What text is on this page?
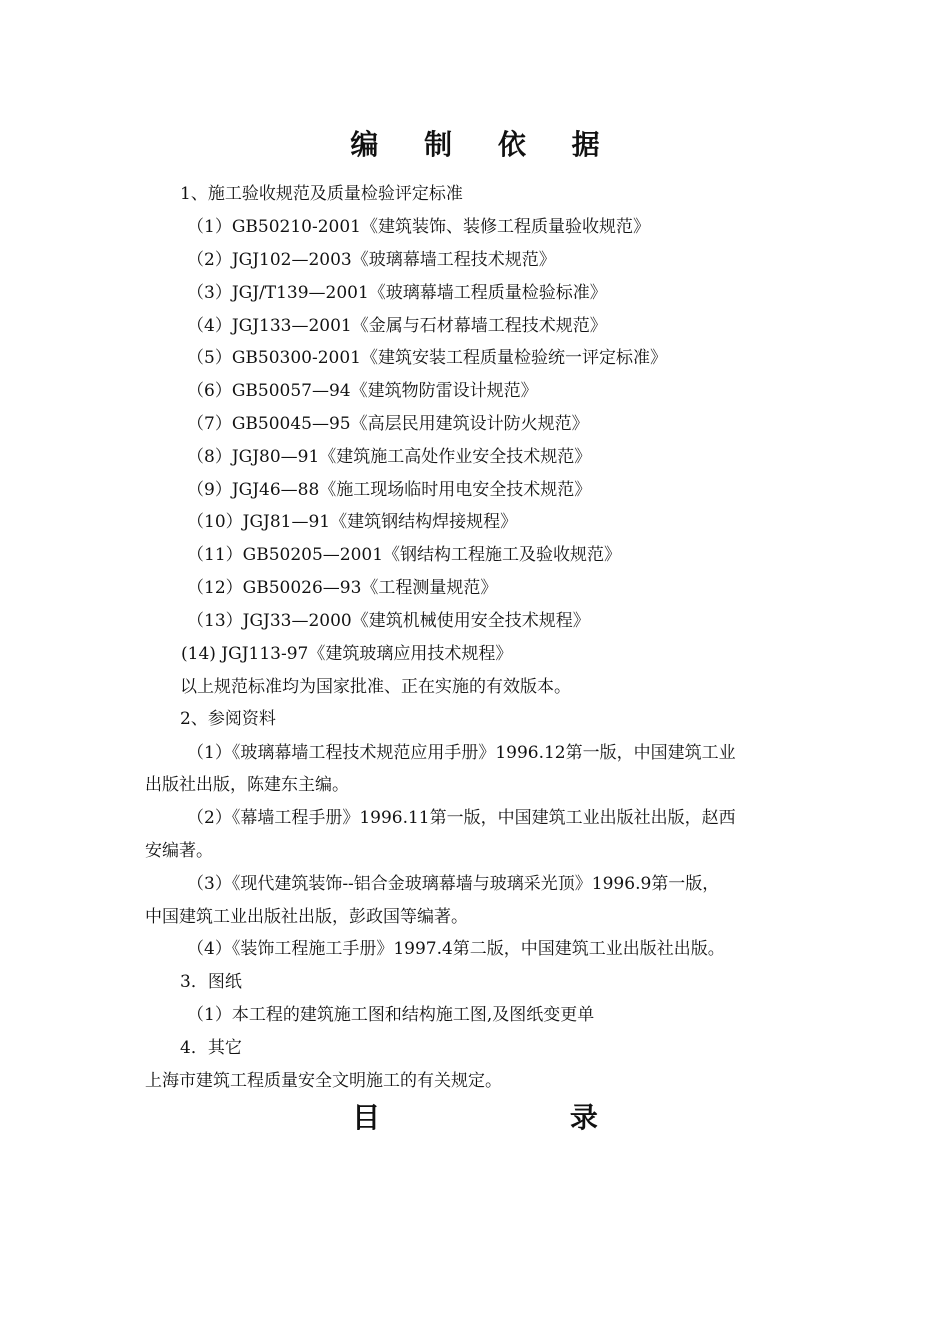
编 制 依 据
1、施工验收规范及质量检验评定标准
（1）GB50210-2001《建筑装饰、装修工程质量验收规范》
（2）JGJ102—2003《玻璃幕墙工程技术规范》
（3）JGJ/T139—2001《玻璃幕墙工程质量检验标准》
（4）JGJ133—2001《金属与石材幕墙工程技术规范》
（5）GB50300-2001《建筑安装工程质量检验统一评定标准》
（6）GB50057—94《建筑物防雷设计规范》
（7）GB50045—95《高层民用建筑设计防火规范》
（8）JGJ80—91《建筑施工高处作业安全技术规范》
（9）JGJ46—88《施工现场临时用电安全技术规范》
（10）JGJ81—91《建筑钢结构焊接规程》
（11）GB50205—2001《钢结构工程施工及验收规范》
（12）GB50026—93《工程测量规范》
（13）JGJ33—2000《建筑机械使用安全技术规程》
(14) JGJ113-97《建筑玻璃应用技术规程》
以上规范标准均为国家批准、正在实施的有效版本。
2、参阅资料
（1）《玻璃幕墙工程技术规范应用手册》1996.12第一版，中国建筑工业
出版社出版，陈建东主编。
（2）《幕墙工程手册》1996.11第一版，中国建筑工业出版社出版，赵西
安编著。
（3）《现代建筑装饰--铝合金玻璃幕墙与玻璃采光顶》1996.9第一版，
中国建筑工业出版社出版，彭政国等编著。
（4）《装饰工程施工手册》1997.4第二版，中国建筑工业出版社出版。
3．图纸
（1）本工程的建筑施工图和结构施工图,及图纸变更单
4．其它
上海市建筑工程质量安全文明施工的有关规定。
目 录
